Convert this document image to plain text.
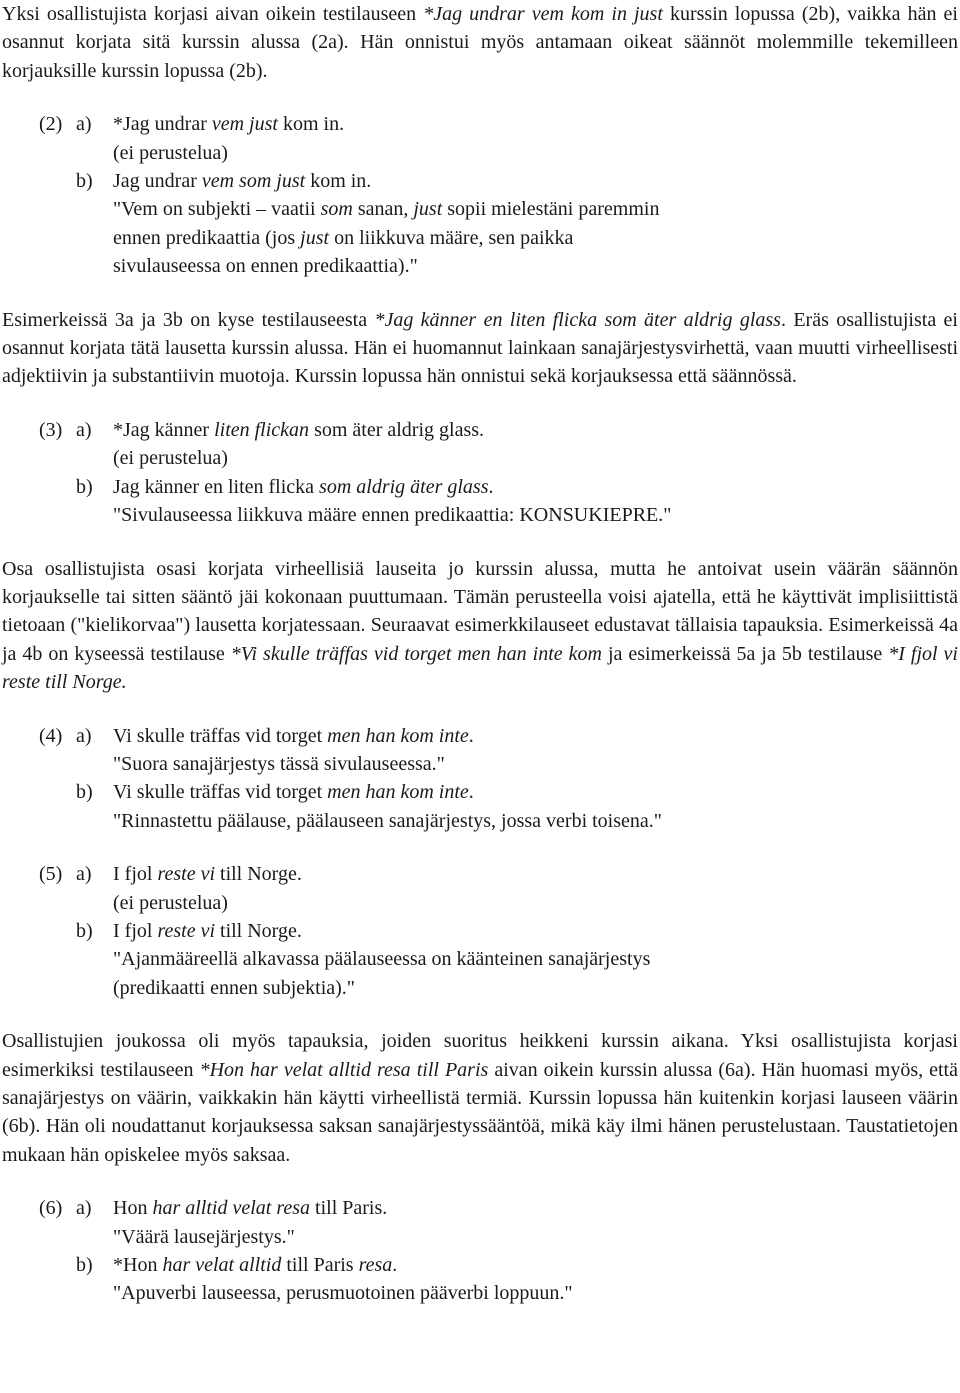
Yksi osallistujista korjasi aivan oikein testilauseen *Jag undrar vem kom in just kurssin lopussa (2b), vaikka hän ei osannut korjata sitä kurssin alussa (2a). Hän onnistui myös antamaan oikeat säännöt molemmille tekemilleen korjauksille kurssin lopussa (2b).

(2) a)	*Jag undrar vem just kom in.
(ei perustelua)
b)	Jag undrar vem som just kom in.
"Vem on subjekti – vaatii som sanan, just sopii mielestäni paremmin
ennen predikaattia (jos just on liikkuva määre, sen paikka
sivulauseessa on ennen predikaattia)."

Esimerkeissä 3a ja 3b on kyse testilauseesta *Jag känner en liten flicka som äter aldrig glass. Eräs osallistujista ei osannut korjata tätä lausetta kurssin alussa. Hän ei huomannut lainkaan sanajärjestysvirhettä, vaan muutti virheellisesti adjektiivin ja substantiivin muotoja. Kurssin lopussa hän onnistui sekä korjauksessa että säännössä.

(3) a)	*Jag känner liten flickan som äter aldrig glass.
(ei perustelua)
b)	Jag känner en liten flicka som aldrig äter glass.
"Sivulauseessa liikkuva määre ennen predikaattia: KONSUKIEPRE."

Osa osallistujista osasi korjata virheellisiä lauseita jo kurssin alussa, mutta he antoivat usein väärän säännön korjaukselle tai sitten sääntö jäi kokonaan puuttumaan. Tämän perusteella voisi ajatella, että he käyttivät implisiittistä tietoaan ("kielikorvaa") lausetta korjatessaan. Seuraavat esimerkkilauseet edustavat tällaisia tapauksia. Esimerkeissä 4a ja 4b on kyseessä testilause *Vi skulle träffas vid torget men han inte kom ja esimerkeissä 5a ja 5b testilause *I fjol vi reste till Norge.

(4) a)	Vi skulle träffas vid torget men han kom inte.
"Suora sanajärjestys tässä sivulauseessa."
b)	Vi skulle träffas vid torget men han kom inte.
"Rinnastettu päälause, päälauseen sanajärjestys, jossa verbi toisena."
(5) a)	I fjol reste vi till Norge.
(ei perustelua)
b)	I fjol reste vi till Norge.
"Ajanmääreellä alkavassa päälauseessa on käänteinen sanajärjestys
(predikaatti ennen subjektia)."

Osallistujien joukossa oli myös tapauksia, joiden suoritus heikkeni kurssin aikana. Yksi osallistujista korjasi esimerkiksi testilauseen *Hon har velat alltid resa till Paris aivan oikein kurssin alussa (6a). Hän huomasi myös, että sanajärjestys on väärin, vaikkakin hän käytti virheellistä termiä. Kurssin lopussa hän kuitenkin korjasi lauseen väärin (6b). Hän oli noudattanut korjauksessa saksan sanajärjestyssääntöä, mikä käy ilmi hänen perustelustaan. Taustatietojen mukaan hän opiskelee myös saksaa.

(6) a)	Hon har alltid velat resa till Paris.
"Väärä lausejärjestys."
b)	*Hon har velat alltid till Paris resa.
"Apuverbi lauseessa, perusmuotoinen pääverbi loppuun."
